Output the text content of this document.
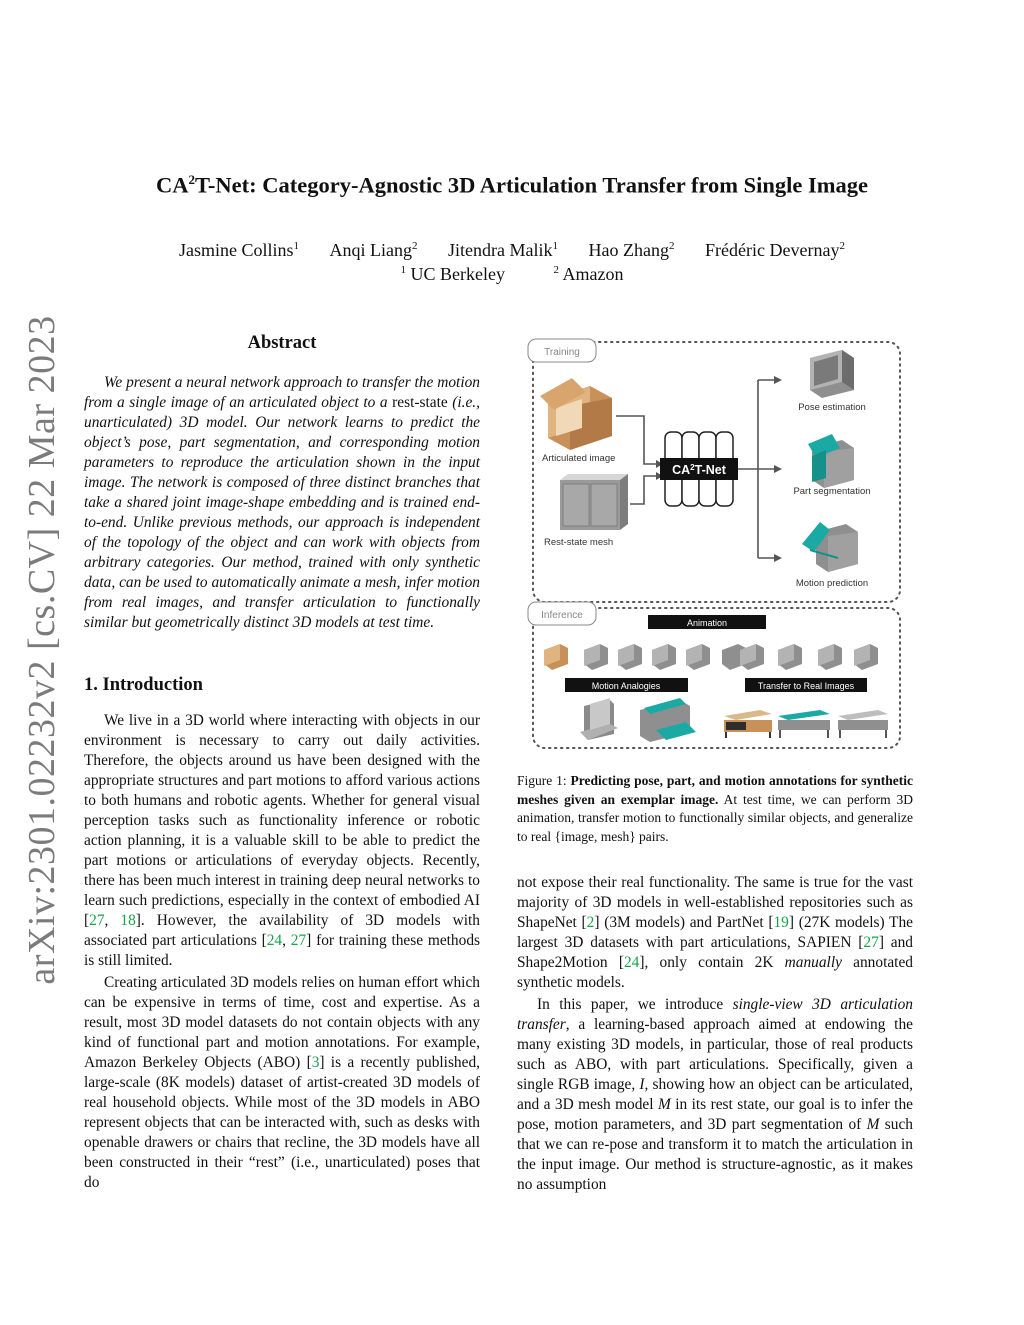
arXiv:2301.02232v2 [cs.CV] 22 Mar 2023
$CA^2T$-Net: Category-Agnostic 3D Articulation Transfer from Single Image
Jasmine Collins$^1$ Anqi Liang$^2$ Jitendra Malik$^1$ Hao Zhang$^2$ Frédéric Devernay$^2$
$^1$ UC Berkeley	$^2$ Amazon
Abstract
We present a neural network approach to transfer the motion from a single image of an articulated object to a rest-state (i.e., unarticulated) 3D model. Our network learns to predict the object’s pose, part segmentation, and corresponding motion parameters to reproduce the articulation shown in the input image. The network is composed of three distinct branches that take a shared joint image-shape embedding and is trained end-to-end. Unlike previous methods, our approach is independent of the topology of the object and can work with objects from arbitrary categories. Our method, trained with only synthetic data, can be used to automatically animate a mesh, infer motion from real images, and transfer articulation to functionally similar but geometrically distinct 3D models at test time.
1. Introduction
We live in a 3D world where interacting with objects in our environment is necessary to carry out daily activities. Therefore, the objects around us have been designed with the appropriate structures and part motions to afford various actions to both humans and robotic agents. Whether for general visual perception tasks such as functionality inference or robotic action planning, it is a valuable skill to be able to predict the part motions or articulations of everyday objects. Recently, there has been much interest in training deep neural networks to learn such predictions, especially in the context of embodied AI [27, 18]. However, the availability of 3D models with associated part articulations [24, 27] for training these methods is still limited.
Creating articulated 3D models relies on human effort which can be expensive in terms of time, cost and expertise. As a result, most 3D model datasets do not contain objects with any kind of functional part and motion annotations. For example, Amazon Berkeley Objects (ABO) [3] is a recently published, large-scale (8K models) dataset of artist-created 3D models of real household objects. While most of the 3D models in ABO represent objects that can be interacted with, such as desks with openable drawers or chairs that recline, the 3D models have all been constructed in their “rest” (i.e., unarticulated) poses that do
not expose their real functionality. The same is true for the vast majority of 3D models in well-established repositories such as ShapeNet [2] (3M models) and PartNet [19] (27K models) The largest 3D datasets with part articulations, SAPIEN [27] and Shape2Motion [24], only contain 2K manually annotated synthetic models.
In this paper, we introduce single-view 3D articulation transfer, a learning-based approach aimed at endowing the many existing 3D models, in particular, those of real products such as ABO, with part articulations. Specifically, given a single RGB image, I, showing how an object can be articulated, and a 3D mesh model M in its rest state, our goal is to infer the pose, motion parameters, and 3D part segmentation of M such that we can re-pose and transform it to match the articulation in the input image. Our method is structure-agnostic, as it makes no assumption
Training
Inference
Articulated image
Rest-state mesh
$CA^2T$-Net
Pose estimation
Part segmentation
Motion prediction
Animation
Motion Analogies	Transfer to Real Images
Figure 1: Predicting pose, part, and motion annotations for synthetic meshes given an exemplar image. At test time, we can perform 3D animation, transfer motion to functionally similar objects, and generalize to real {image, mesh} pairs.
